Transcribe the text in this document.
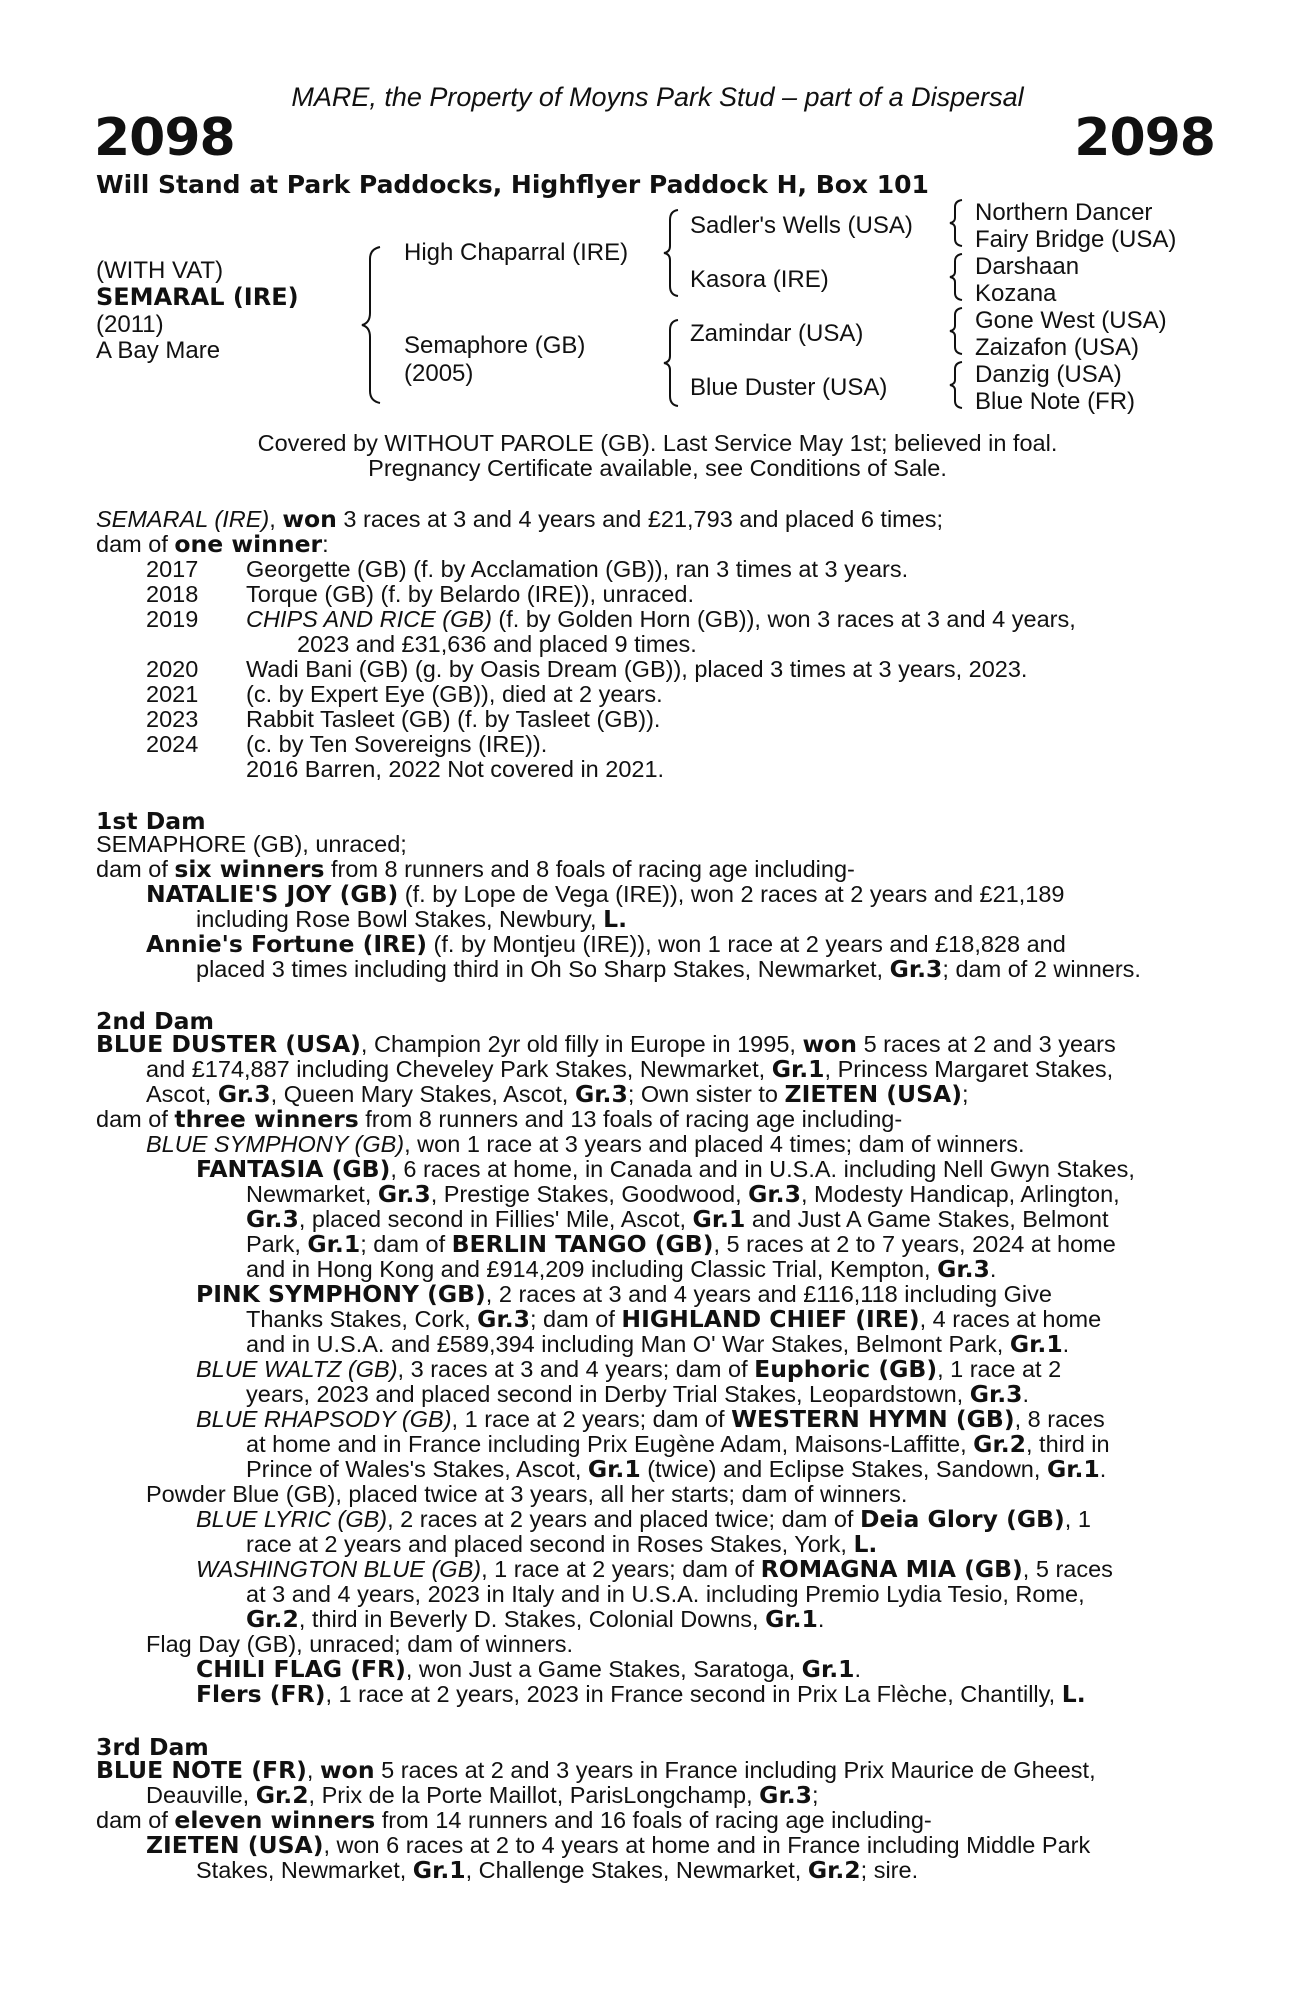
MARE, the Property of Moyns Park Stud – part of a Dispersal
2098	2098
Will Stand at Park Paddocks, Highflyer Paddock H, Box 101
(WITH VAT)
SEMARAL (IRE)
(2011)
A Bay Mare
High Chaparral (IRE)
Semaphore (GB)
(2005)
Sadler's Wells (USA)
Kasora (IRE)
Zamindar (USA)
Blue Duster (USA)
Northern Dancer
Fairy Bridge (USA)
Darshaan
Kozana
Gone West (USA)
Zaizafon (USA)
Danzig (USA)
Blue Note (FR)
Covered by WITHOUT PAROLE (GB). Last Service May 1st; believed in foal.
Pregnancy Certificate available, see Conditions of Sale.
SEMARAL (IRE), won 3 races at 3 and 4 years and £21,793 and placed 6 times;
dam of one winner:
2017 Georgette (GB) (f. by Acclamation (GB)), ran 3 times at 3 years.
2018 Torque (GB) (f. by Belardo (IRE)), unraced.
2019 CHIPS AND RICE (GB) (f. by Golden Horn (GB)), won 3 races at 3 and 4 years,
2023 and £31,636 and placed 9 times.
2020 Wadi Bani (GB) (g. by Oasis Dream (GB)), placed 3 times at 3 years, 2023.
2021 (c. by Expert Eye (GB)), died at 2 years.
2023 Rabbit Tasleet (GB) (f. by Tasleet (GB)).
2024 (c. by Ten Sovereigns (IRE)).
2016 Barren, 2022 Not covered in 2021.
1st Dam
SEMAPHORE (GB), unraced;
dam of six winners from 8 runners and 8 foals of racing age including-
NATALIE'S JOY (GB) (f. by Lope de Vega (IRE)), won 2 races at 2 years and £21,189
including Rose Bowl Stakes, Newbury, L.
Annie's Fortune (IRE) (f. by Montjeu (IRE)), won 1 race at 2 years and £18,828 and
placed 3 times including third in Oh So Sharp Stakes, Newmarket, Gr.3; dam of 2 winners.
2nd Dam
BLUE DUSTER (USA), Champion 2yr old filly in Europe in 1995, won 5 races at 2 and 3 years
and £174,887 including Cheveley Park Stakes, Newmarket, Gr.1, Princess Margaret Stakes,
Ascot, Gr.3, Queen Mary Stakes, Ascot, Gr.3; Own sister to ZIETEN (USA);
dam of three winners from 8 runners and 13 foals of racing age including-
BLUE SYMPHONY (GB), won 1 race at 3 years and placed 4 times; dam of winners.
FANTASIA (GB), 6 races at home, in Canada and in U.S.A. including Nell Gwyn Stakes,
Newmarket, Gr.3, Prestige Stakes, Goodwood, Gr.3, Modesty Handicap, Arlington,
Gr.3, placed second in Fillies' Mile, Ascot, Gr.1 and Just A Game Stakes, Belmont
Park, Gr.1; dam of BERLIN TANGO (GB), 5 races at 2 to 7 years, 2024 at home
and in Hong Kong and £914,209 including Classic Trial, Kempton, Gr.3.
PINK SYMPHONY (GB), 2 races at 3 and 4 years and £116,118 including Give
Thanks Stakes, Cork, Gr.3; dam of HIGHLAND CHIEF (IRE), 4 races at home
and in U.S.A. and £589,394 including Man O' War Stakes, Belmont Park, Gr.1.
BLUE WALTZ (GB), 3 races at 3 and 4 years; dam of Euphoric (GB), 1 race at 2
years, 2023 and placed second in Derby Trial Stakes, Leopardstown, Gr.3.
BLUE RHAPSODY (GB), 1 race at 2 years; dam of WESTERN HYMN (GB), 8 races
at home and in France including Prix Eugène Adam, Maisons-Laffitte, Gr.2, third in
Prince of Wales's Stakes, Ascot, Gr.1 (twice) and Eclipse Stakes, Sandown, Gr.1.
Powder Blue (GB), placed twice at 3 years, all her starts; dam of winners.
BLUE LYRIC (GB), 2 races at 2 years and placed twice; dam of Deia Glory (GB), 1
race at 2 years and placed second in Roses Stakes, York, L.
WASHINGTON BLUE (GB), 1 race at 2 years; dam of ROMAGNA MIA (GB), 5 races
at 3 and 4 years, 2023 in Italy and in U.S.A. including Premio Lydia Tesio, Rome,
Gr.2, third in Beverly D. Stakes, Colonial Downs, Gr.1.
Flag Day (GB), unraced; dam of winners.
CHILI FLAG (FR), won Just a Game Stakes, Saratoga, Gr.1.
Flers (FR), 1 race at 2 years, 2023 in France second in Prix La Flèche, Chantilly, L.
3rd Dam
BLUE NOTE (FR), won 5 races at 2 and 3 years in France including Prix Maurice de Gheest,
Deauville, Gr.2, Prix de la Porte Maillot, ParisLongchamp, Gr.3;
dam of eleven winners from 14 runners and 16 foals of racing age including-
ZIETEN (USA), won 6 races at 2 to 4 years at home and in France including Middle Park
Stakes, Newmarket, Gr.1, Challenge Stakes, Newmarket, Gr.2; sire.
